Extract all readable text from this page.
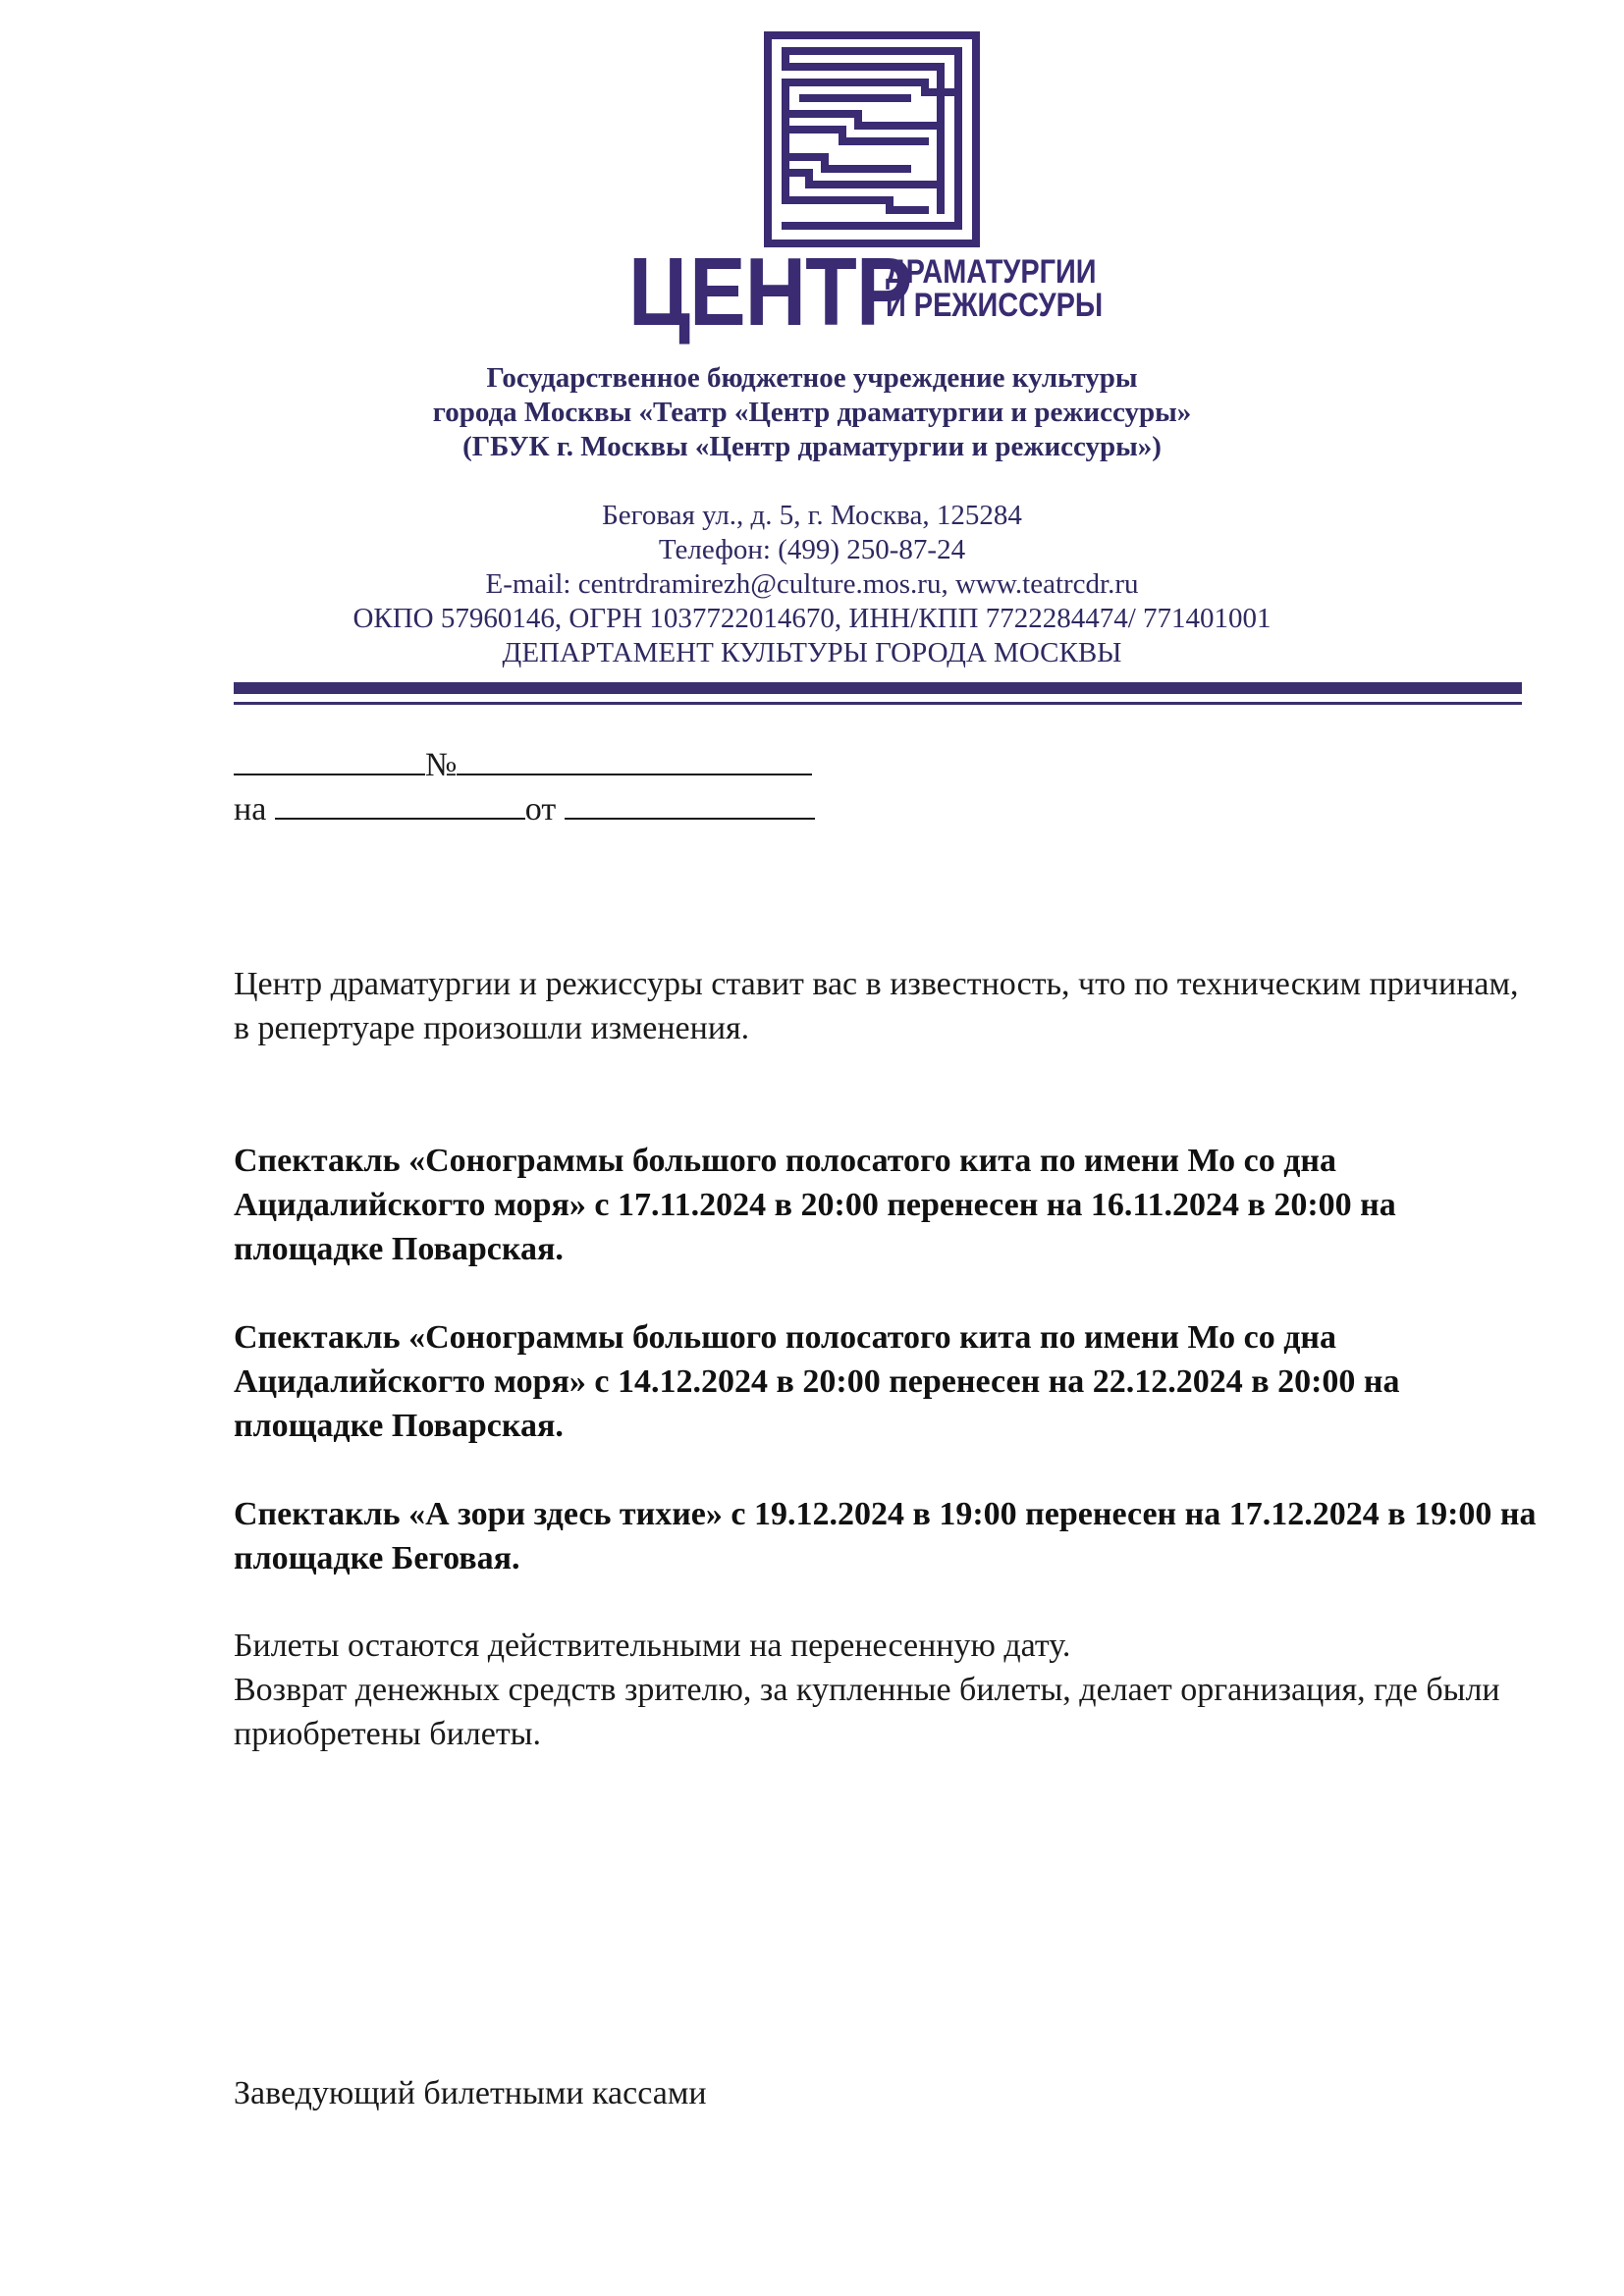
ЦЕНТР
ДРАМАТУРГИИ
И РЕЖИССУРЫ
Государственное бюджетное учреждение культуры
города Москвы «Театр «Центр драматургии и режиссуры»
(ГБУК г. Москвы «Центр драматургии и режиссуры»)
Беговая ул., д. 5, г. Москва, 125284
Телефон: (499) 250-87-24
E-mail: centrdramirezh@culture.mos.ru, www.teatrcdr.ru
ОКПО 57960146, ОГРН 1037722014670, ИНН/КПП 7722284474/ 771401001
ДЕПАРТАМЕНТ КУЛЬТУРЫ ГОРОДА МОСКВЫ
№
на	от
Центр драматургии и режиссуры ставит вас в известность, что по техническим причинам, в репертуаре произошли изменения.
Спектакль «Сонограммы большого полосатого кита по имени Мо со дна Ацидалийскогто моря» с 17.11.2024 в 20:00 перенесен на 16.11.2024 в 20:00 на площадке Поварская.
Спектакль «Сонограммы большого полосатого кита по имени Мо со дна Ацидалийскогто моря» с 14.12.2024 в 20:00 перенесен на 22.12.2024 в 20:00 на площадке Поварская.
Спектакль «А зори здесь тихие» с 19.12.2024 в 19:00 перенесен на 17.12.2024 в 19:00 на площадке Беговая.
Билеты остаются действительными на перенесенную дату.
Возврат денежных средств зрителю, за купленные билеты, делает организация, где были приобретены билеты.
Заведующий билетными кассами
